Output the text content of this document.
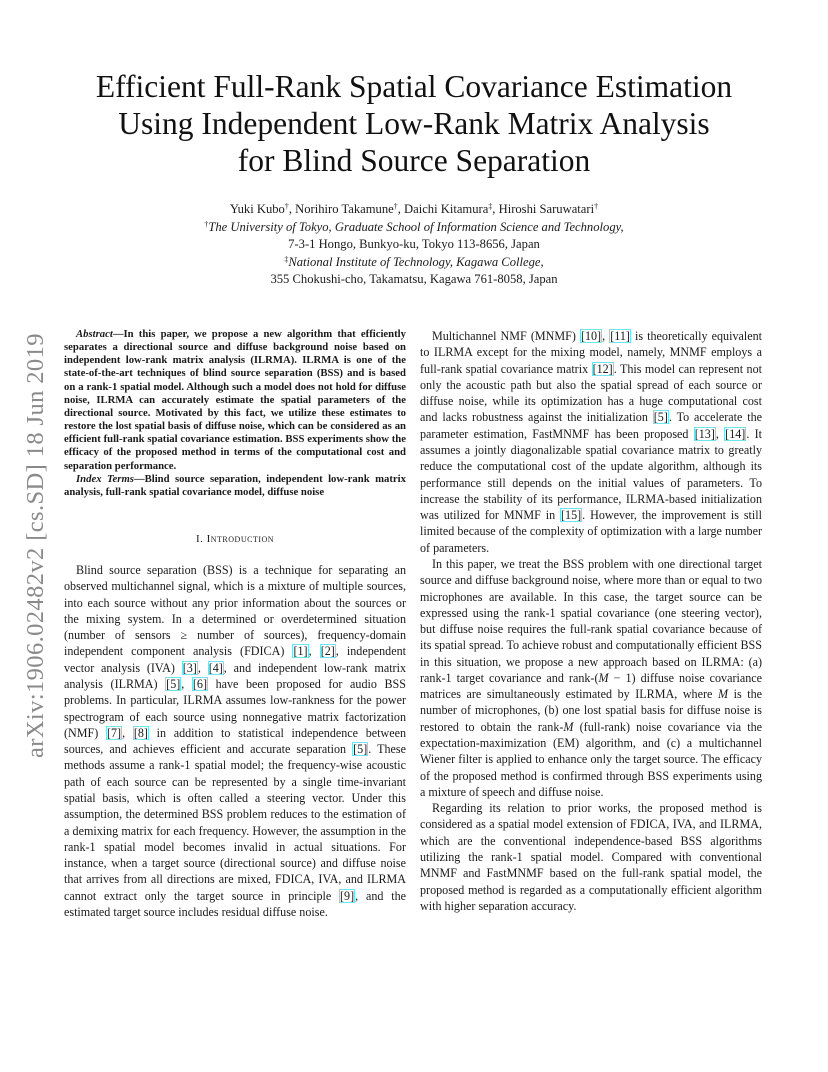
arXiv:1906.02482v2 [cs.SD] 18 Jun 2019
Efficient Full-Rank Spatial Covariance Estimation
Using Independent Low-Rank Matrix Analysis
for Blind Source Separation
Yuki Kubo†, Norihiro Takamune†, Daichi Kitamura‡, Hiroshi Saruwatari†
†The University of Tokyo, Graduate School of Information Science and Technology,
7-3-1 Hongo, Bunkyo-ku, Tokyo 113-8656, Japan
‡National Institute of Technology, Kagawa College,
355 Chokushi-cho, Takamatsu, Kagawa 761-8058, Japan

Abstract—In this paper, we propose a new algorithm that efficiently separates a directional source and diffuse background noise based on independent low-rank matrix analysis (ILRMA). ILRMA is one of the state-of-the-art techniques of blind source separation (BSS) and is based on a rank-1 spatial model. Although such a model does not hold for diffuse noise, ILRMA can accurately estimate the spatial parameters of the directional source. Motivated by this fact, we utilize these estimates to restore the lost spatial basis of diffuse noise, which can be considered as an efficient full-rank spatial covariance estimation. BSS experiments show the efficacy of the proposed method in terms of the computational cost and separation performance.

Index Terms—Blind source separation, independent low-rank matrix analysis, full-rank spatial covariance model, diffuse noise

I. Introduction

Blind source separation (BSS) is a technique for separating an observed multichannel signal, which is a mixture of multiple sources, into each source without any prior information about the sources or the mixing system. In a determined or overdetermined situation (number of sensors ≥ number of sources), frequency-domain independent component analysis (FDICA) [1], [2], independent vector analysis (IVA) [3], [4], and independent low-rank matrix analysis (ILRMA) [5], [6] have been proposed for audio BSS problems. In particular, ILRMA assumes low-rankness for the power spectrogram of each source using nonnegative matrix factorization (NMF) [7], [8] in addition to statistical independence between sources, and achieves efficient and accurate separation [5]. These methods assume a rank-1 spatial model; the frequency-wise acoustic path of each source can be represented by a single time-invariant spatial basis, which is often called a steering vector. Under this assumption, the determined BSS problem reduces to the estimation of a demixing matrix for each frequency. However, the assumption in the rank-1 spatial model becomes invalid in actual situations. For instance, when a target source (directional source) and diffuse noise that arrives from all directions are mixed, FDICA, IVA, and ILRMA cannot extract only the target source in principle [9], and the estimated target source includes residual diffuse noise.

Multichannel NMF (MNMF) [10], [11] is theoretically equivalent to ILRMA except for the mixing model, namely, MNMF employs a full-rank spatial covariance matrix [12]. This model can represent not only the acoustic path but also the spatial spread of each source or diffuse noise, while its optimization has a huge computational cost and lacks robustness against the initialization [5]. To accelerate the parameter estimation, FastMNMF has been proposed [13], [14]. It assumes a jointly diagonalizable spatial covariance matrix to greatly reduce the computational cost of the update algorithm, although its performance still depends on the initial values of parameters. To increase the stability of its performance, ILRMA-based initialization was utilized for MNMF in [15]. However, the improvement is still limited because of the complexity of optimization with a large number of parameters.

In this paper, we treat the BSS problem with one directional target source and diffuse background noise, where more than or equal to two microphones are available. In this case, the target source can be expressed using the rank-1 spatial covariance (one steering vector), but diffuse noise requires the full-rank spatial covariance because of its spatial spread. To achieve robust and computationally efficient BSS in this situation, we propose a new approach based on ILRMA: (a) rank-1 target covariance and rank-(M − 1) diffuse noise covariance matrices are simultaneously estimated by ILRMA, where M is the number of microphones, (b) one lost spatial basis for diffuse noise is restored to obtain the rank-M (full-rank) noise covariance via the expectation-maximization (EM) algorithm, and (c) a multichannel Wiener filter is applied to enhance only the target source. The efficacy of the proposed method is confirmed through BSS experiments using a mixture of speech and diffuse noise.

Regarding its relation to prior works, the proposed method is considered as a spatial model extension of FDICA, IVA, and ILRMA, which are the conventional independence-based BSS algorithms utilizing the rank-1 spatial model. Compared with conventional MNMF and FastMNMF based on the full-rank spatial model, the proposed method is regarded as a computationally efficient algorithm with higher separation accuracy.
